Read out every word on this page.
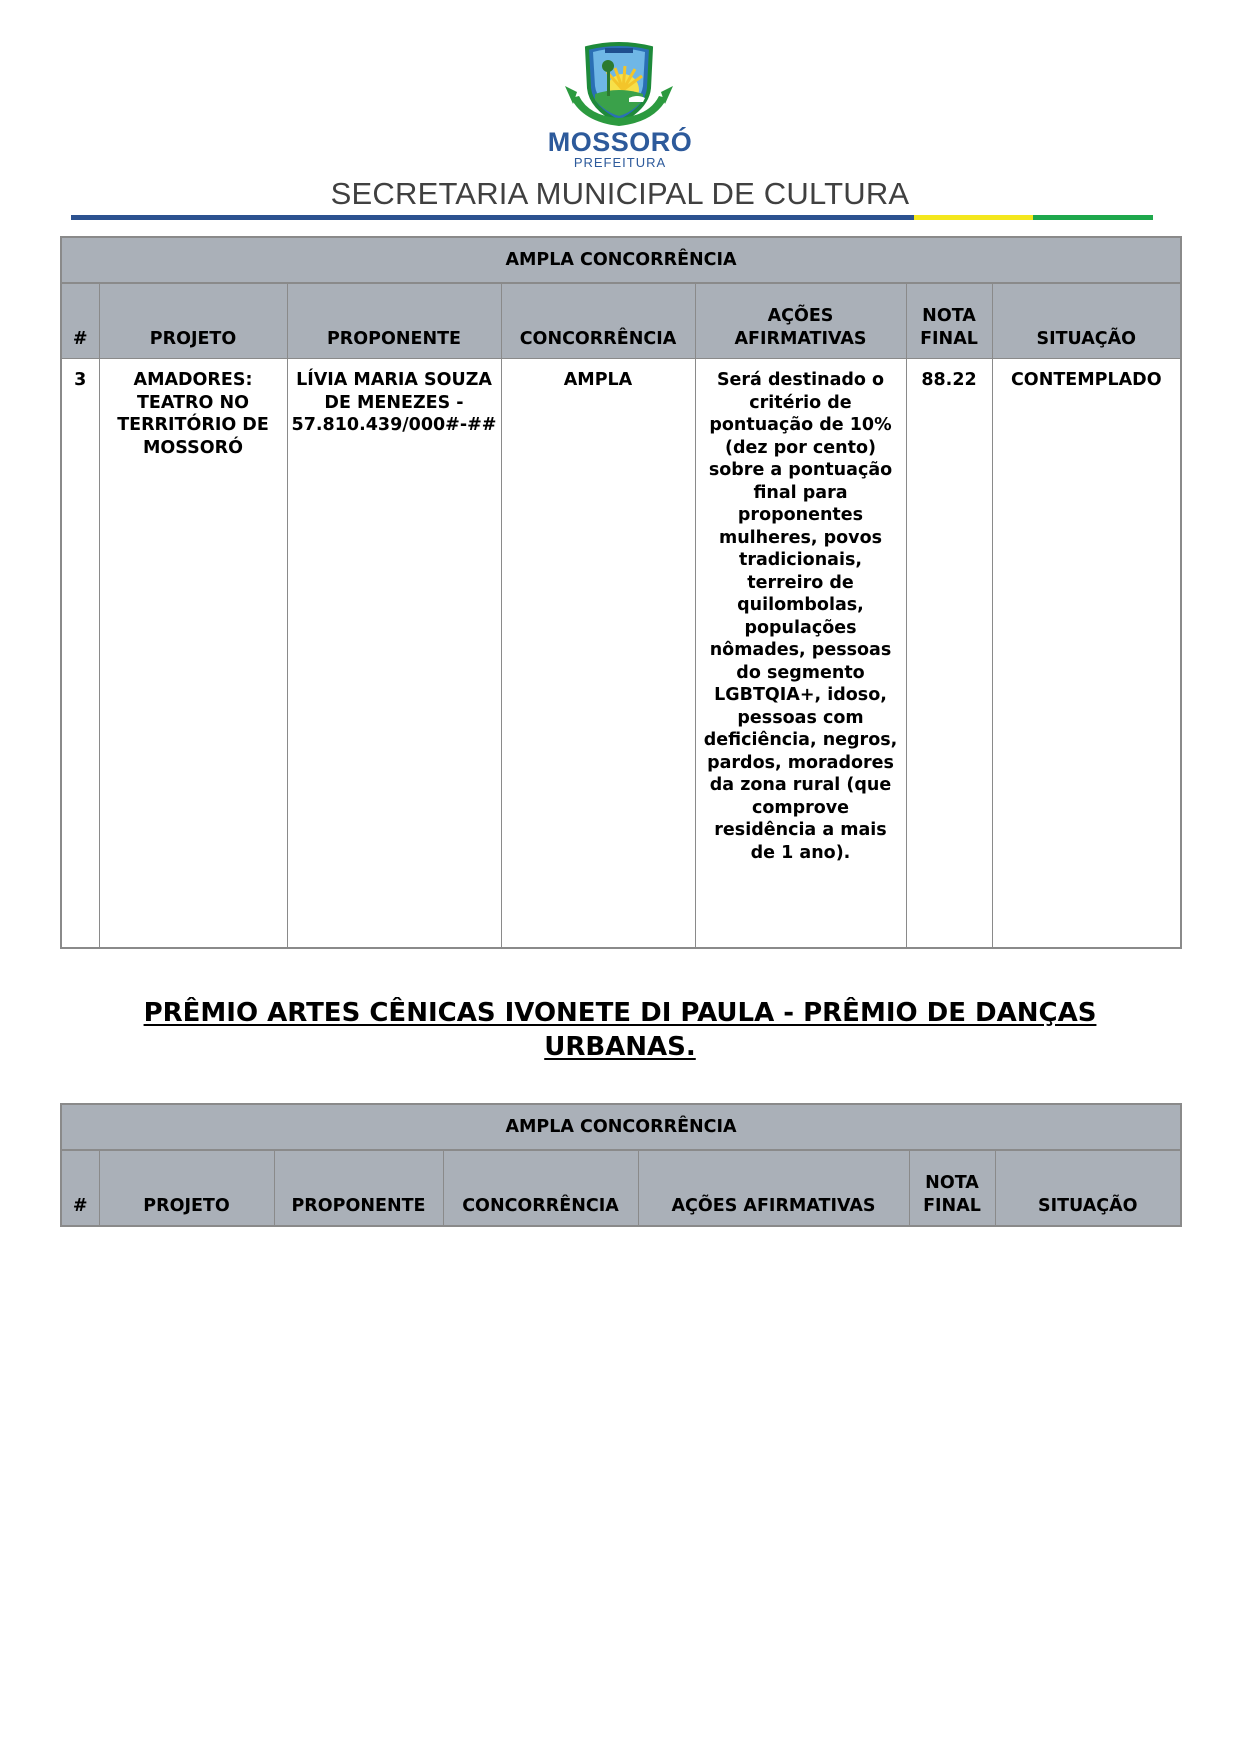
MOSSORÓ
PREFEITURA
SECRETARIA MUNICIPAL DE CULTURA
AMPLA CONCORRÊNCIA						
#	PROJETO	PROPONENTE	CONCORRÊNCIA	AÇÕES AFIRMATIVAS	NOTA FINAL	SITUAÇÃO
3	AMADORES: TEATRO NO TERRITÓRIO DE MOSSORÓ	LÍVIA MARIA SOUZA DE MENEZES - 57.810.439/000#-##	AMPLA	Será destinado o critério de pontuação de 10% (dez por cento) sobre a pontuação final para proponentes mulheres, povos tradicionais, terreiro de quilombolas, populações nômades, pessoas do segmento LGBTQIA+, idoso, pessoas com deficiência, negros, pardos, moradores da zona rural (que comprove residência a mais de 1 ano).	88.22	CONTEMPLADO
PRÊMIO ARTES CÊNICAS IVONETE DI PAULA - PRÊMIO DE DANÇAS URBANAS.
AMPLA CONCORRÊNCIA
#	PROJETO	PROPONENTE	CONCORRÊNCIA	AÇÕES AFIRMATIVAS	NOTA FINAL	SITUAÇÃO
